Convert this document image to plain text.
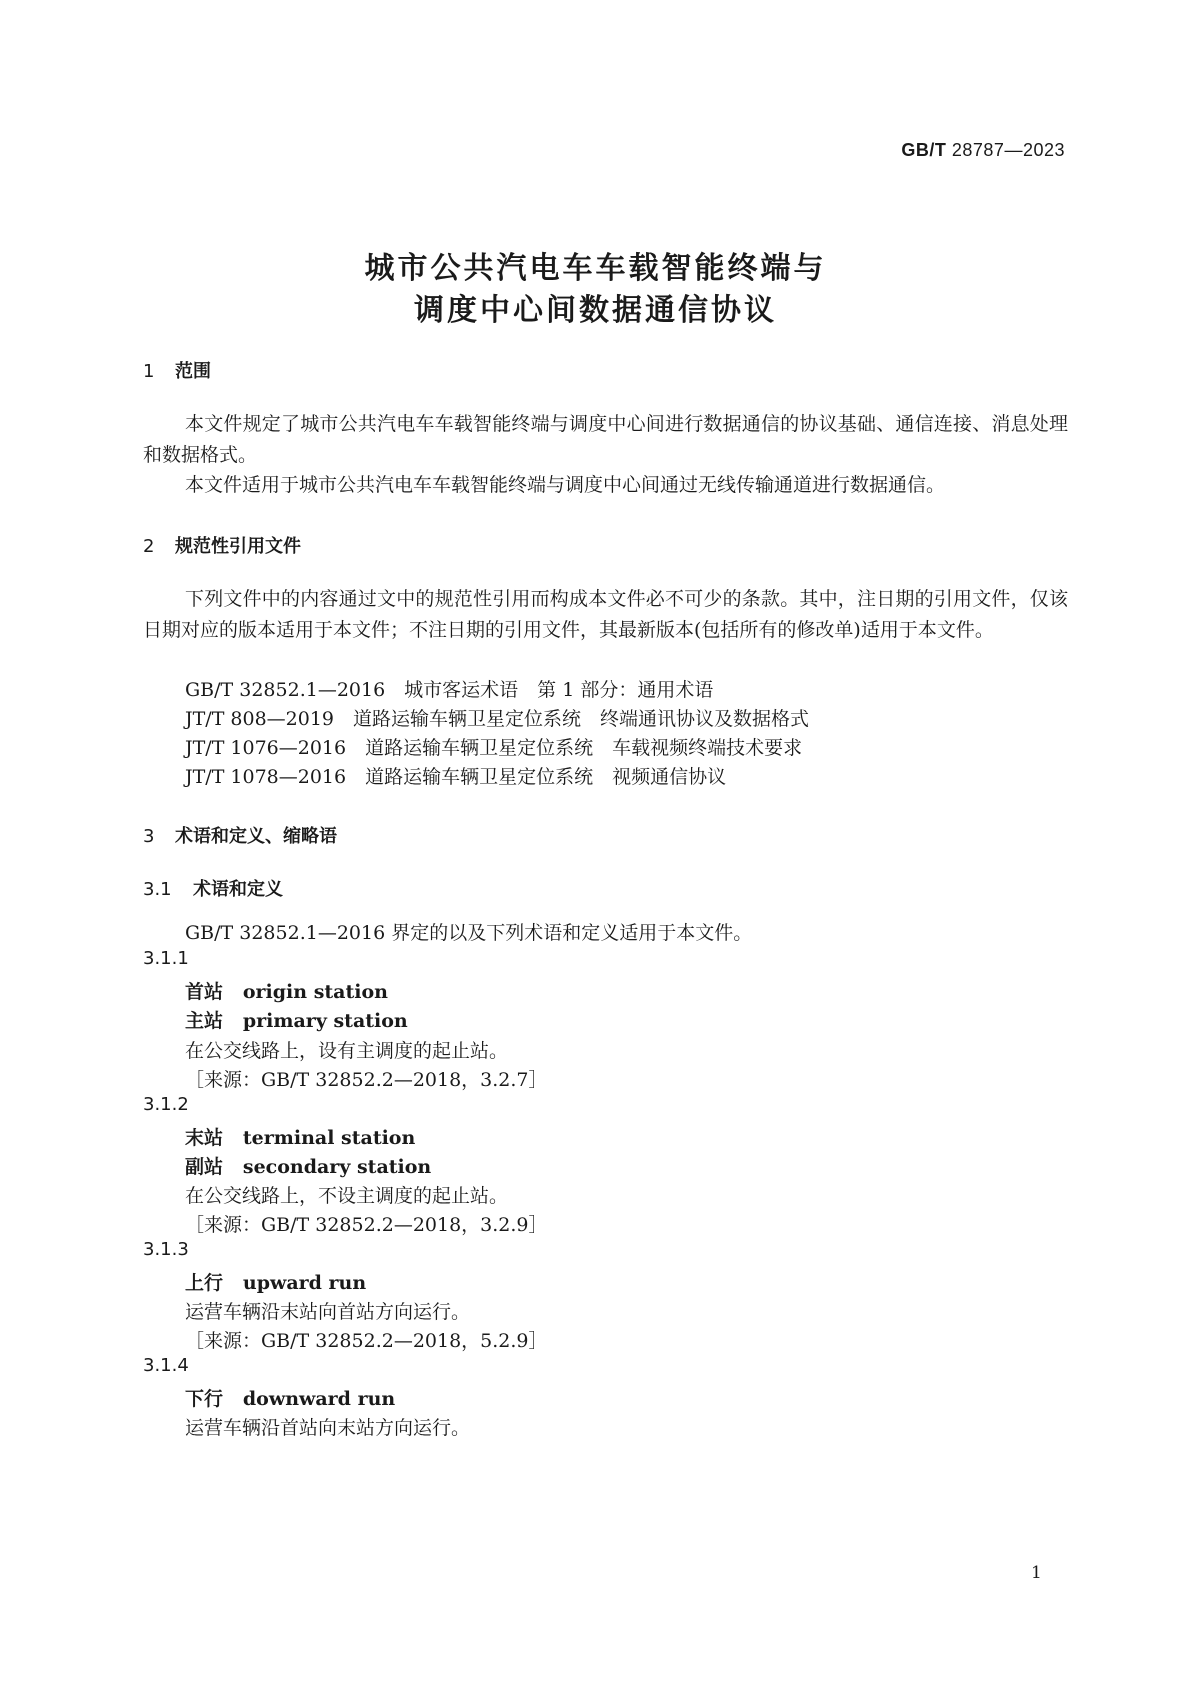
GB/T 28787—2023
城市公共汽电车车载智能终端与
调度中心间数据通信协议
1 范围
本文件规定了城市公共汽电车车载智能终端与调度中心间进行数据通信的协议基础、通信连接、消息处理和数据格式。
本文件适用于城市公共汽电车车载智能终端与调度中心间通过无线传输通道进行数据通信。
2 规范性引用文件
下列文件中的内容通过文中的规范性引用而构成本文件必不可少的条款。其中，注日期的引用文件，仅该日期对应的版本适用于本文件；不注日期的引用文件，其最新版本(包括所有的修改单)适用于本文件。
GB/T 32852.1—2016　城市客运术语　第 1 部分：通用术语
JT/T 808—2019　道路运输车辆卫星定位系统　终端通讯协议及数据格式
JT/T 1076—2016　道路运输车辆卫星定位系统　车载视频终端技术要求
JT/T 1078—2016　道路运输车辆卫星定位系统　视频通信协议
3 术语和定义、缩略语
3.1 术语和定义
GB/T 32852.1—2016 界定的以及下列术语和定义适用于本文件。
3.1.1
首站 origin station
主站 primary station
在公交线路上，设有主调度的起止站。
［来源：GB/T 32852.2—2018，3.2.7］
3.1.2
末站 terminal station
副站 secondary station
在公交线路上，不设主调度的起止站。
［来源：GB/T 32852.2—2018，3.2.9］
3.1.3
上行 upward run
运营车辆沿末站向首站方向运行。
［来源：GB/T 32852.2—2018，5.2.9］
3.1.4
下行 downward run
运营车辆沿首站向末站方向运行。
1
